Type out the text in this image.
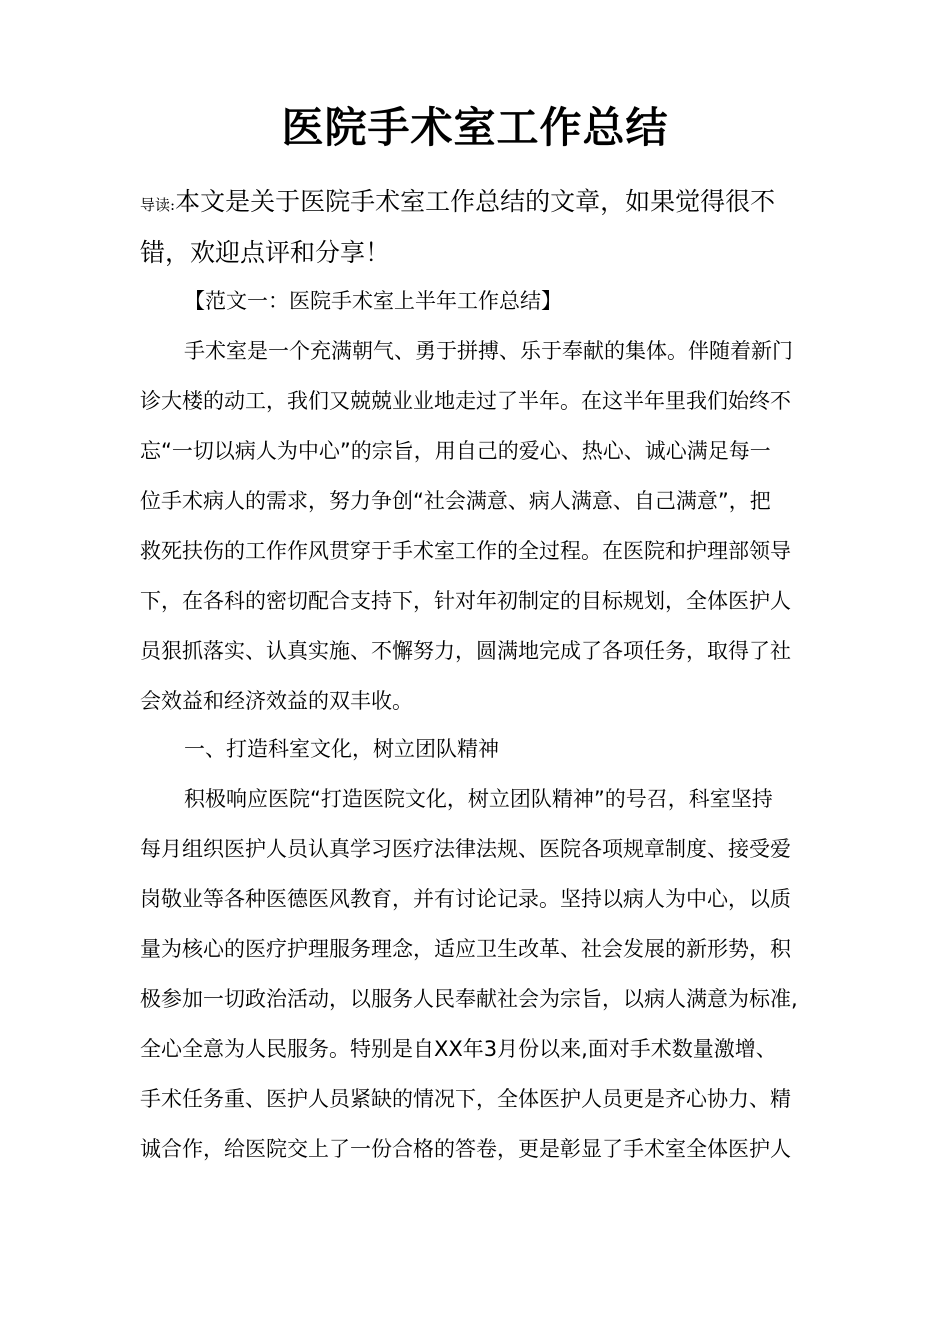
医院手术室工作总结
导读:本文是关于医院手术室工作总结的文章，如果觉得很不
错，欢迎点评和分享！
【范文一：医院手术室上半年工作总结】
手术室是一个充满朝气、勇于拼搏、乐于奉献的集体。伴随着新门
诊大楼的动工，我们又兢兢业业地走过了半年。在这半年里我们始终不
忘“一切以病人为中心”的宗旨，用自己的爱心、热心、诚心满足每一
位手术病人的需求，努力争创“社会满意、病人满意、自己满意”，把
救死扶伤的工作作风贯穿于手术室工作的全过程。在医院和护理部领导
下，在各科的密切配合支持下，针对年初制定的目标规划，全体医护人
员狠抓落实、认真实施、不懈努力，圆满地完成了各项任务，取得了社
会效益和经济效益的双丰收。
一、打造科室文化，树立团队精神
积极响应医院“打造医院文化，树立团队精神”的号召，科室坚持
每月组织医护人员认真学习医疗法律法规、医院各项规章制度、接受爱
岗敬业等各种医德医风教育，并有讨论记录。坚持以病人为中心，以质
量为核心的医疗护理服务理念，适应卫生改革、社会发展的新形势，积
极参加一切政治活动，以服务人民奉献社会为宗旨，以病人满意为标准,
全心全意为人民服务。特别是自XX年3月份以来,面对手术数量激增、
手术任务重、医护人员紧缺的情况下，全体医护人员更是齐心协力、精
诚合作，给医院交上了一份合格的答卷，更是彰显了手术室全体医护人
